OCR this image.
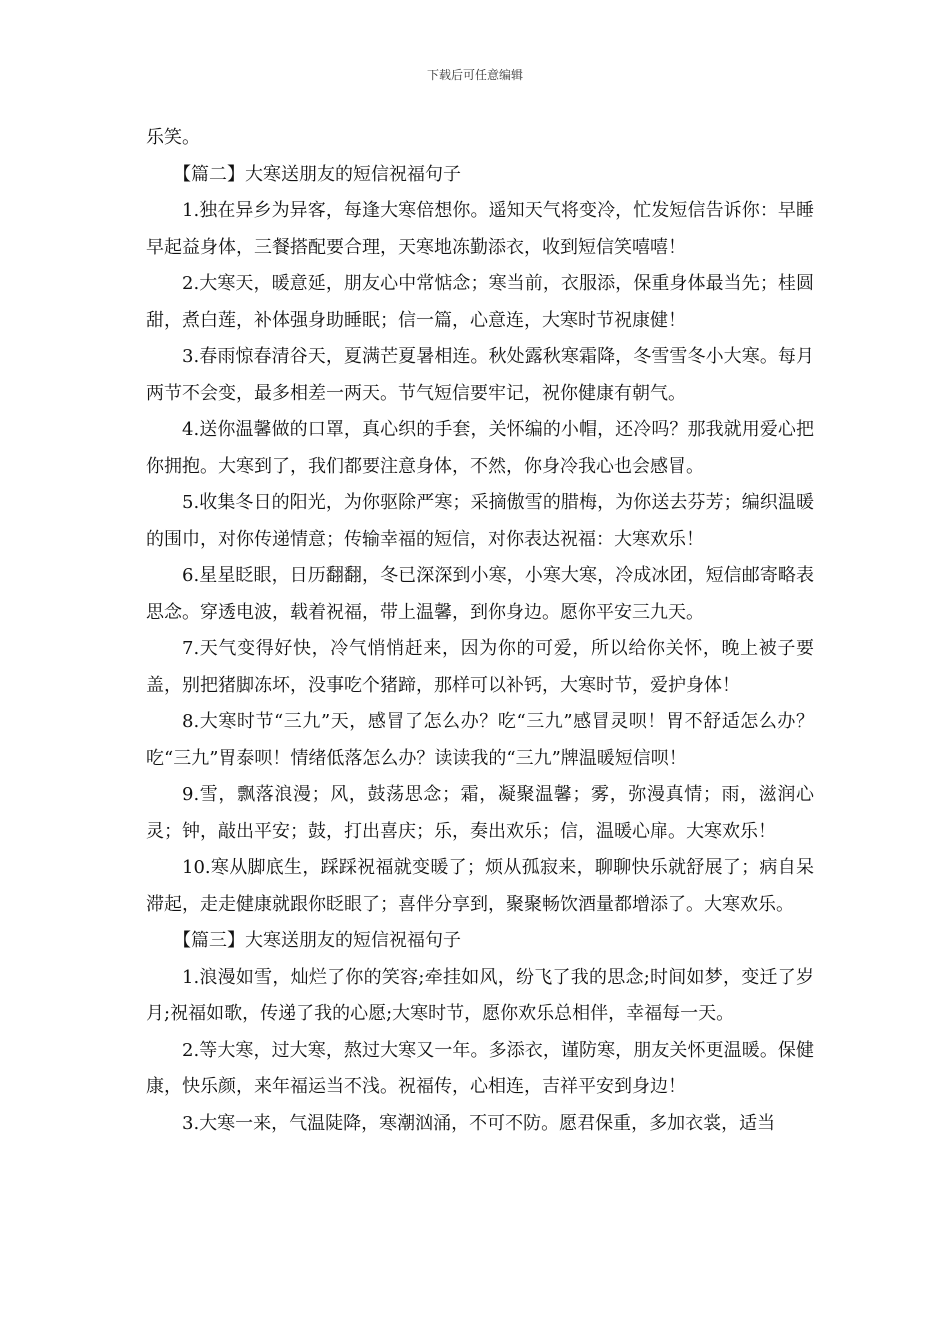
下载后可任意编辑

乐笑。

【篇二】大寒送朋友的短信祝福句子

1.独在异乡为异客，每逢大寒倍想你。遥知天气将变冷，忙发短信告诉你：早睡早起益身体，三餐搭配要合理，天寒地冻勤添衣，收到短信笑嘻嘻！

2.大寒天，暖意延，朋友心中常惦念；寒当前，衣服添，保重身体最当先；桂圆甜，煮白莲，补体强身助睡眠；信一篇，心意连，大寒时节祝康健！

3.春雨惊春清谷天，夏满芒夏暑相连。秋处露秋寒霜降，冬雪雪冬小大寒。每月两节不会变，最多相差一两天。节气短信要牢记，祝你健康有朝气。

4.送你温馨做的口罩，真心织的手套，关怀编的小帽，还冷吗？那我就用爱心把你拥抱。大寒到了，我们都要注意身体，不然，你身冷我心也会感冒。

5.收集冬日的阳光，为你驱除严寒；采摘傲雪的腊梅，为你送去芬芳；编织温暖的围巾，对你传递情意；传输幸福的短信，对你表达祝福：大寒欢乐！

6.星星眨眼，日历翻翻，冬已深深到小寒，小寒大寒，冷成冰团，短信邮寄略表思念。穿透电波，载着祝福，带上温馨，到你身边。愿你平安三九天。

7.天气变得好快，冷气悄悄赶来，因为你的可爱，所以给你关怀，晚上被子要盖，别把猪脚冻坏，没事吃个猪蹄，那样可以补钙，大寒时节，爱护身体！

8.大寒时节“三九”天，感冒了怎么办？吃“三九”感冒灵呗！胃不舒适怎么办？吃“三九”胃泰呗！情绪低落怎么办？读读我的“三九”牌温暖短信呗！

9.雪，飘落浪漫；风，鼓荡思念；霜，凝聚温馨；雾，弥漫真情；雨，滋润心灵；钟，敲出平安；鼓，打出喜庆；乐，奏出欢乐；信，温暖心扉。大寒欢乐！

10.寒从脚底生，踩踩祝福就变暖了；烦从孤寂来，聊聊快乐就舒展了；病自呆滞起，走走健康就跟你眨眼了；喜伴分享到，聚聚畅饮酒量都增添了。大寒欢乐。

【篇三】大寒送朋友的短信祝福句子

1.浪漫如雪，灿烂了你的笑容;牵挂如风，纷飞了我的思念;时间如梦，变迁了岁月;祝福如歌，传递了我的心愿;大寒时节，愿你欢乐总相伴，幸福每一天。

2.等大寒，过大寒，熬过大寒又一年。多添衣，谨防寒，朋友关怀更温暖。保健康，快乐颜，来年福运当不浅。祝福传，心相连，吉祥平安到身边！

3.大寒一来，气温陡降，寒潮汹涌，不可不防。愿君保重，多加衣裳，适当
